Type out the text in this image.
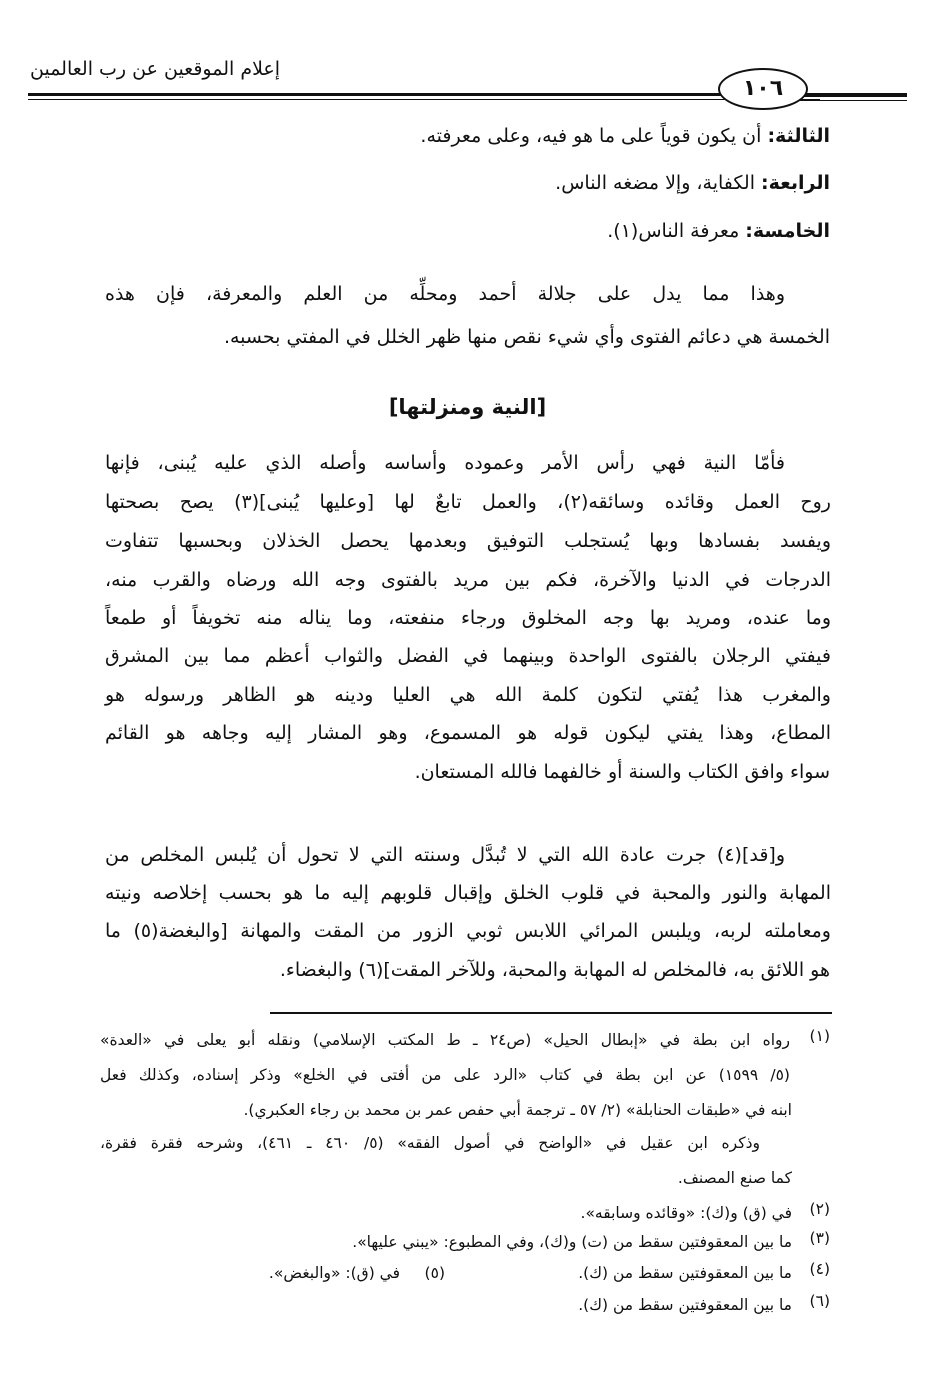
١٠٦
إعلام الموقعين عن رب العالمين
الثالثة: أن يكون قوياً على ما هو فيه، وعلى معرفته.
الرابعة: الكفاية، وإلا مضغه الناس.
الخامسة: معرفة الناس(١).
وهذا مما يدل على جلالة أحمد ومحلِّه من العلم والمعرفة، فإن هذه
الخمسة هي دعائم الفتوى وأي شيء نقص منها ظهر الخلل في المفتي بحسبه.
[النية ومنزلتها]
فأمّا النية فهي رأس الأمر وعموده وأساسه وأصله الذي عليه يُبنى، فإنها
روح العمل وقائده وسائقه(٢)، والعمل تابعٌ لها [وعليها يُبنى](٣) يصح بصحتها
ويفسد بفسادها وبها يُستجلب التوفيق وبعدمها يحصل الخذلان وبحسبها تتفاوت
الدرجات في الدنيا والآخرة، فكم بين مريد بالفتوى وجه الله ورضاه والقرب منه،
وما عنده، ومريد بها وجه المخلوق ورجاء منفعته، وما يناله منه تخويفاً أو طمعاً
فيفتي الرجلان بالفتوى الواحدة وبينهما في الفضل والثواب أعظم مما بين المشرق
والمغرب هذا يُفتي لتكون كلمة الله هي العليا ودينه هو الظاهر ورسوله هو
المطاع، وهذا يفتي ليكون قوله هو المسموع، وهو المشار إليه وجاهه هو القائم
سواء وافق الكتاب والسنة أو خالفهما فالله المستعان.
و[قد](٤) جرت عادة الله التي لا تُبدَّل وسنته التي لا تحول أن يُلبس المخلص من
المهابة والنور والمحبة في قلوب الخلق وإقبال قلوبهم إليه ما هو بحسب إخلاصه ونيته
ومعاملته لربه، ويلبس المرائي اللابس ثوبي الزور من المقت والمهانة [والبغضة(٥) ما
هو اللائق به، فالمخلص له المهابة والمحبة، وللآخر المقت](٦) والبغضاء.
(١)
رواه ابن بطة في «إبطال الحيل» (ص٢٤ ـ ط المكتب الإسلامي) ونقله أبو يعلى في «العدة»
(٥/ ١٥٩٩) عن ابن بطة في كتاب «الرد على من أفتى في الخلع» وذكر إسناده، وكذلك فعل
ابنه في «طبقات الحنابلة» (٢/ ٥٧ ـ ترجمة أبي حفص عمر بن محمد بن رجاء العكبري).
وذكره ابن عقيل في «الواضح في أصول الفقه» (٥/ ٤٦٠ ـ ٤٦١)، وشرحه فقرة فقرة،
كما صنع المصنف.
(٢)
في (ق) و(ك): «وقائده وسابقه».
(٣)
ما بين المعقوفتين سقط من (ت) و(ك)، وفي المطبوع: «يبني عليها».
(٤)
ما بين المعقوفتين سقط من (ك).
(٥)
في (ق): «والبغض».
(٦)
ما بين المعقوفتين سقط من (ك).
